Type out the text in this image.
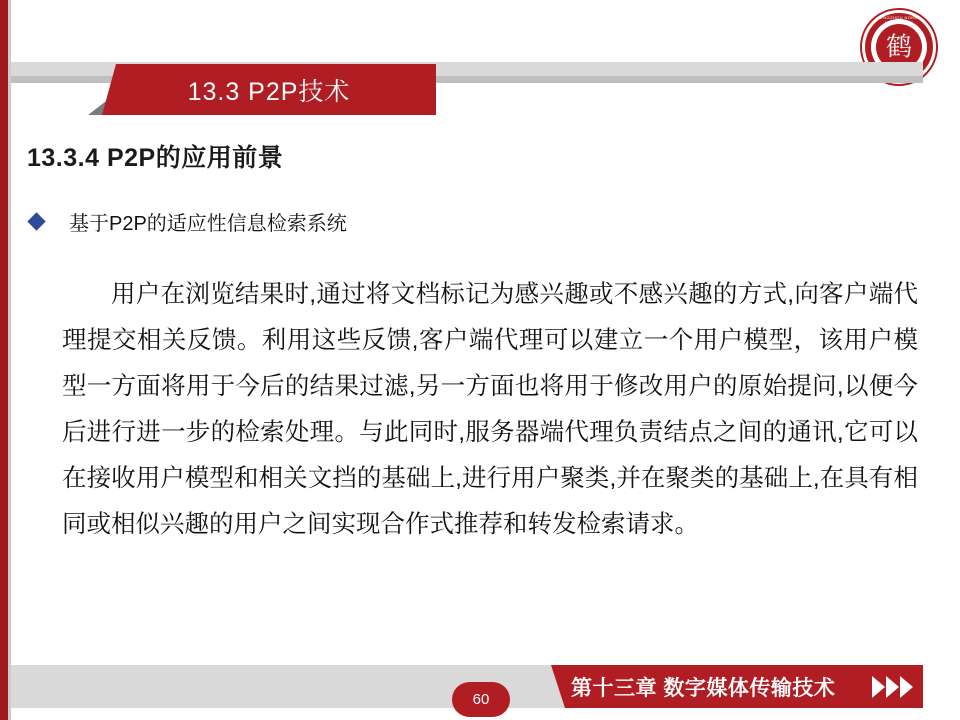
ZHENGZHOU NORMAL UNIVERSITY
鹤
13.3 P2P技术
13.3.4 P2P的应用前景
基于P2P的适应性信息检索系统
用户在浏览结果时,通过将文档标记为感兴趣或不感兴趣的方式,向客户端代理提交相关反馈。利用这些反馈,客户端代理可以建立一个用户模型，该用户模型一方面将用于今后的结果过滤,另一方面也将用于修改用户的原始提问,以便今后进行进一步的检索处理。与此同时,服务器端代理负责结点之间的通讯,它可以在接收用户模型和相关文挡的基础上,进行用户聚类,并在聚类的基础上,在具有相同或相似兴趣的用户之间实现合作式推荐和转发检索请求。
第十三章 数字媒体传输技术
60
